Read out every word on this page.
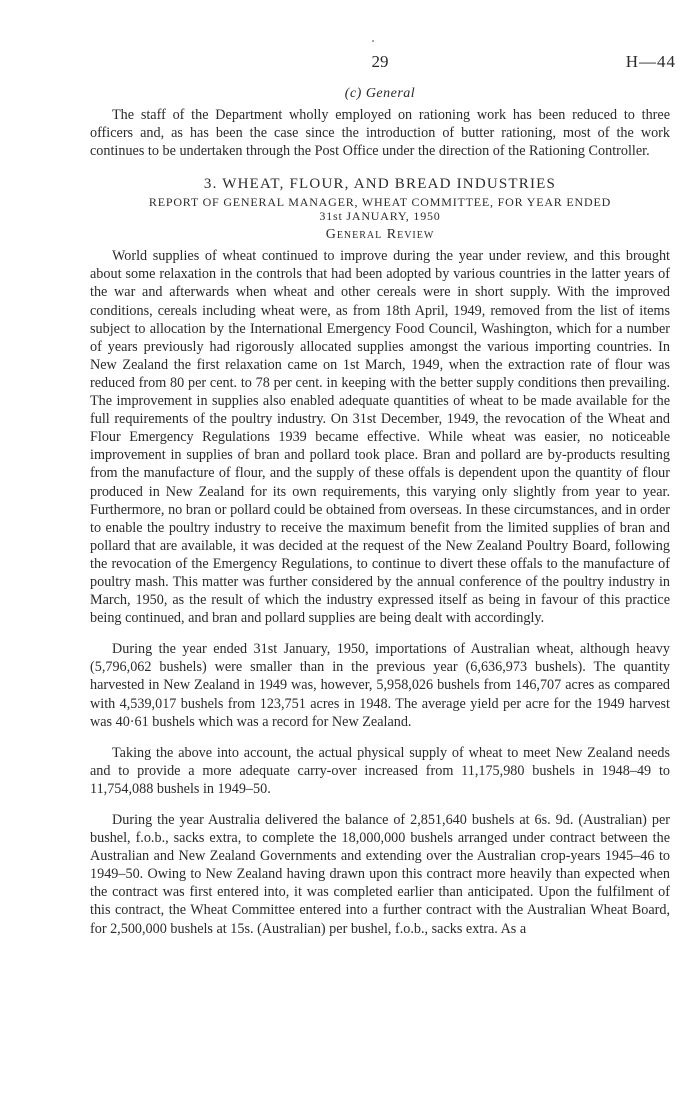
29	H—44
(c) General

The staff of the Department wholly employed on rationing work has been reduced to three officers and, as has been the case since the introduction of butter rationing, most of the work continues to be undertaken through the Post Office under the direction of the Rationing Controller.

3. WHEAT, FLOUR, AND BREAD INDUSTRIES
REPORT OF GENERAL MANAGER, WHEAT COMMITTEE, FOR YEAR ENDED
31st JANUARY, 1950
General Review

World supplies of wheat continued to improve during the year under review, and this brought about some relaxation in the controls that had been adopted by various countries in the latter years of the war and afterwards when wheat and other cereals were in short supply. With the improved conditions, cereals including wheat were, as from 18th April, 1949, removed from the list of items subject to allocation by the International Emergency Food Council, Washington, which for a number of years previously had rigorously allocated supplies amongst the various importing countries. In New Zealand the first relaxation came on 1st March, 1949, when the extraction rate of flour was reduced from 80 per cent. to 78 per cent. in keeping with the better supply conditions then prevailing. The improvement in supplies also enabled adequate quantities of wheat to be made available for the full requirements of the poultry industry. On 31st December, 1949, the revocation of the Wheat and Flour Emergency Regulations 1939 became effective. While wheat was easier, no noticeable improvement in supplies of bran and pollard took place. Bran and pollard are by-products resulting from the manufacture of flour, and the supply of these offals is dependent upon the quantity of flour produced in New Zealand for its own requirements, this varying only slightly from year to year. Furthermore, no bran or pollard could be obtained from overseas. In these circumstances, and in order to enable the poultry industry to receive the maximum benefit from the limited supplies of bran and pollard that are available, it was decided at the request of the New Zealand Poultry Board, following the revocation of the Emergency Regulations, to continue to divert these offals to the manufacture of poultry mash. This matter was further considered by the annual conference of the poultry industry in March, 1950, as the result of which the industry expressed itself as being in favour of this practice being continued, and bran and pollard supplies are being dealt with accordingly.

During the year ended 31st January, 1950, importations of Australian wheat, although heavy (5,796,062 bushels) were smaller than in the previous year (6,636,973 bushels). The quantity harvested in New Zealand in 1949 was, however, 5,958,026 bushels from 146,707 acres as compared with 4,539,017 bushels from 123,751 acres in 1948. The average yield per acre for the 1949 harvest was 40·61 bushels which was a record for New Zealand.

Taking the above into account, the actual physical supply of wheat to meet New Zealand needs and to provide a more adequate carry-over increased from 11,175,980 bushels in 1948–49 to 11,754,088 bushels in 1949–50.

During the year Australia delivered the balance of 2,851,640 bushels at 6s. 9d. (Australian) per bushel, f.o.b., sacks extra, to complete the 18,000,000 bushels arranged under contract between the Australian and New Zealand Governments and extending over the Australian crop-years 1945–46 to 1949–50. Owing to New Zealand having drawn upon this contract more heavily than expected when the contract was first entered into, it was completed earlier than anticipated. Upon the fulfilment of this contract, the Wheat Committee entered into a further contract with the Australian Wheat Board, for 2,500,000 bushels at 15s. (Australian) per bushel, f.o.b., sacks extra. As a
